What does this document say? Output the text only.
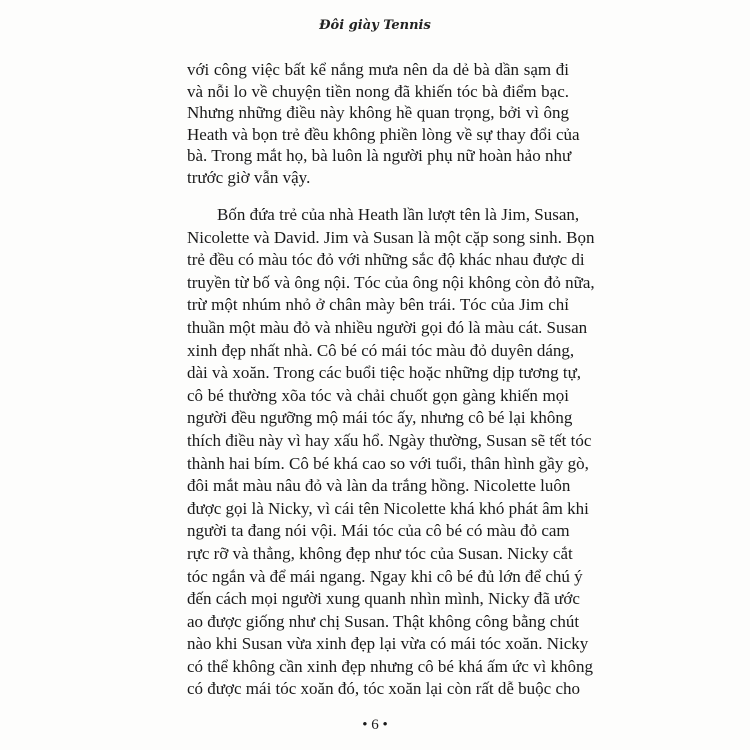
Đôi giày Tennis
với công việc bất kể nắng mưa nên da dẻ bà dần sạm đi
và nỗi lo về chuyện tiền nong đã khiến tóc bà điểm bạc.
Nhưng những điều này không hề quan trọng, bởi vì ông
Heath và bọn trẻ đều không phiền lòng về sự thay đổi của
bà. Trong mắt họ, bà luôn là người phụ nữ hoàn hảo như
trước giờ vẫn vậy.
Bốn đứa trẻ của nhà Heath lần lượt tên là Jim, Susan,
Nicolette và David. Jim và Susan là một cặp song sinh. Bọn
trẻ đều có màu tóc đỏ với những sắc độ khác nhau được di
truyền từ bố và ông nội. Tóc của ông nội không còn đỏ nữa,
trừ một nhúm nhỏ ở chân mày bên trái. Tóc của Jim chỉ
thuần một màu đỏ và nhiều người gọi đó là màu cát. Susan
xinh đẹp nhất nhà. Cô bé có mái tóc màu đỏ duyên dáng,
dài và xoăn. Trong các buổi tiệc hoặc những dịp tương tự,
cô bé thường xõa tóc và chải chuốt gọn gàng khiến mọi
người đều ngưỡng mộ mái tóc ấy, nhưng cô bé lại không
thích điều này vì hay xấu hổ. Ngày thường, Susan sẽ tết tóc
thành hai bím. Cô bé khá cao so với tuổi, thân hình gầy gò,
đôi mắt màu nâu đỏ và làn da trắng hồng. Nicolette luôn
được gọi là Nicky, vì cái tên Nicolette khá khó phát âm khi
người ta đang nói vội. Mái tóc của cô bé có màu đỏ cam
rực rỡ và thẳng, không đẹp như tóc của Susan. Nicky cắt
tóc ngắn và để mái ngang. Ngay khi cô bé đủ lớn để chú ý
đến cách mọi người xung quanh nhìn mình, Nicky đã ước
ao được giống như chị Susan. Thật không công bằng chút
nào khi Susan vừa xinh đẹp lại vừa có mái tóc xoăn. Nicky
có thể không cần xinh đẹp nhưng cô bé khá ấm ức vì không
có được mái tóc xoăn đó, tóc xoăn lại còn rất dễ buộc cho
• 6 •
